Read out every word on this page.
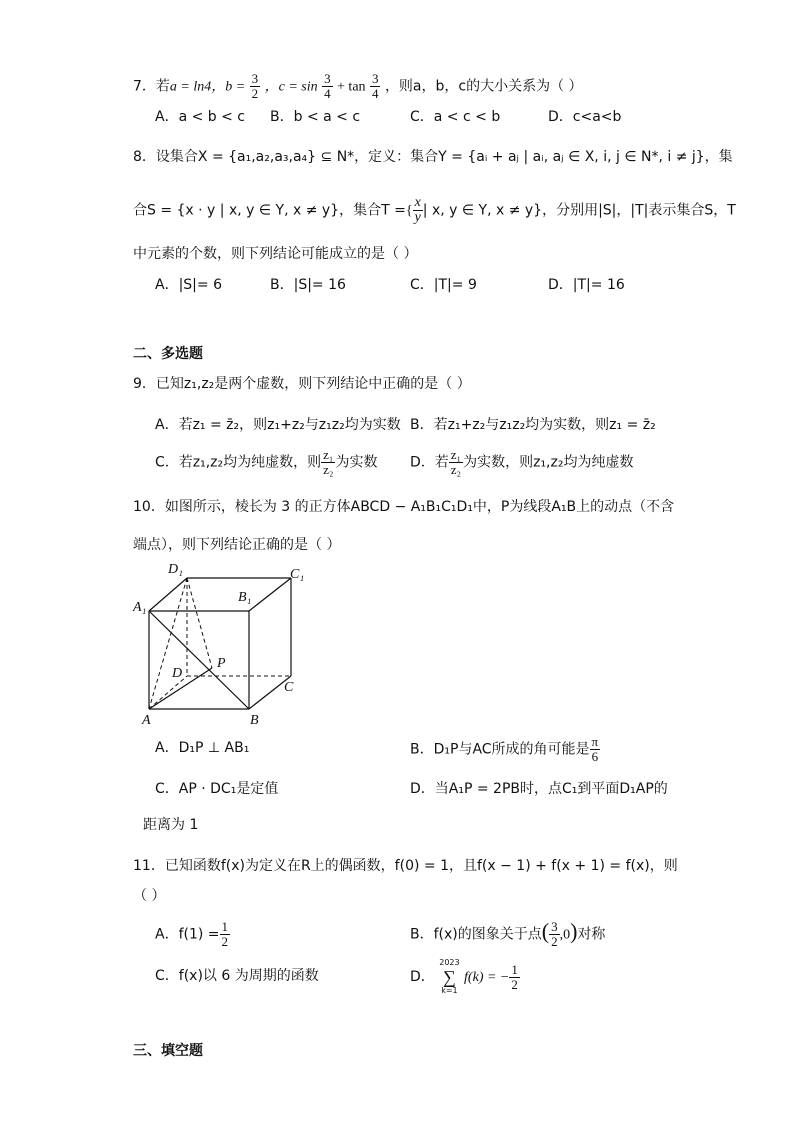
7．若a = ln4，$b = \frac{3}{2}$ ，$c = \sin \frac{3}{4} + \tan \frac{3}{4}$ ，则a，b，c的大小关系为（ ）
A．a < b < c B．b < a < c	C．a < c < b	D．c<a<b
8．设集合X = {a₁,a₂,a₃,a₄} ⊆ N*，定义：集合Y = {aᵢ + aⱼ | aᵢ, aⱼ ∈ X, i, j ∈ N*, i ≠ j}，集
合S = {x · y | x, y ∈ Y, x ≠ y}，集合T ={ $\frac{x}{y}$ | x, y ∈ Y, x ≠ y}，分别用|S|，|T|表示集合S，T
中元素的个数，则下列结论可能成立的是（ ）
A．|S|= 6	B．|S|= 16	C．|T|= 9	D．|T|= 16
二、多选题
9．已知z₁,z₂是两个虚数，则下列结论中正确的是（ ）
A．若z₁ = z̄₂，则z₁+z₂与z₁z₂均为实数 B．若z₁+z₂与z₁z₂均为实数，则z₁ = z̄₂
C．若z₁,z₂均为纯虚数，则 $\frac{\text{z₁}}{\text{z₂}}$ 为实数 D．若 $\frac{\text{z₁}}{\text{z₂}}$ 为实数，则z₁,z₂均为纯虚数
10．如图所示，棱长为 3 的正方体ABCD − A₁B₁C₁D₁中，P为线段A₁B上的动点（不含
端点），则下列结论正确的是（ ）
D₁	C₁
A₁
B₁
P
D
C
A	B
A．D₁P ⊥ AB₁	B．D₁P与AC所成的角可能是 $\frac{\pi}{6}$
C．AP · DC₁是定值	D．当A₁P = 2PB时，点C₁到平面D₁AP的
距离为 1
11．已知函数f(x)为定义在R上的偶函数，f(0) = 1，且f(x − 1) + f(x + 1) = f(x)，则
（ ）
A．$f(1) = \frac{1}{2}$	B．f(x)的图象关于点( $\frac{3}{2} ,0$)对称
C．f(x)以 6 为周期的函数	D．
2023
∑
k=1
f(k) = − $\frac{1}{2}$
三、填空题
